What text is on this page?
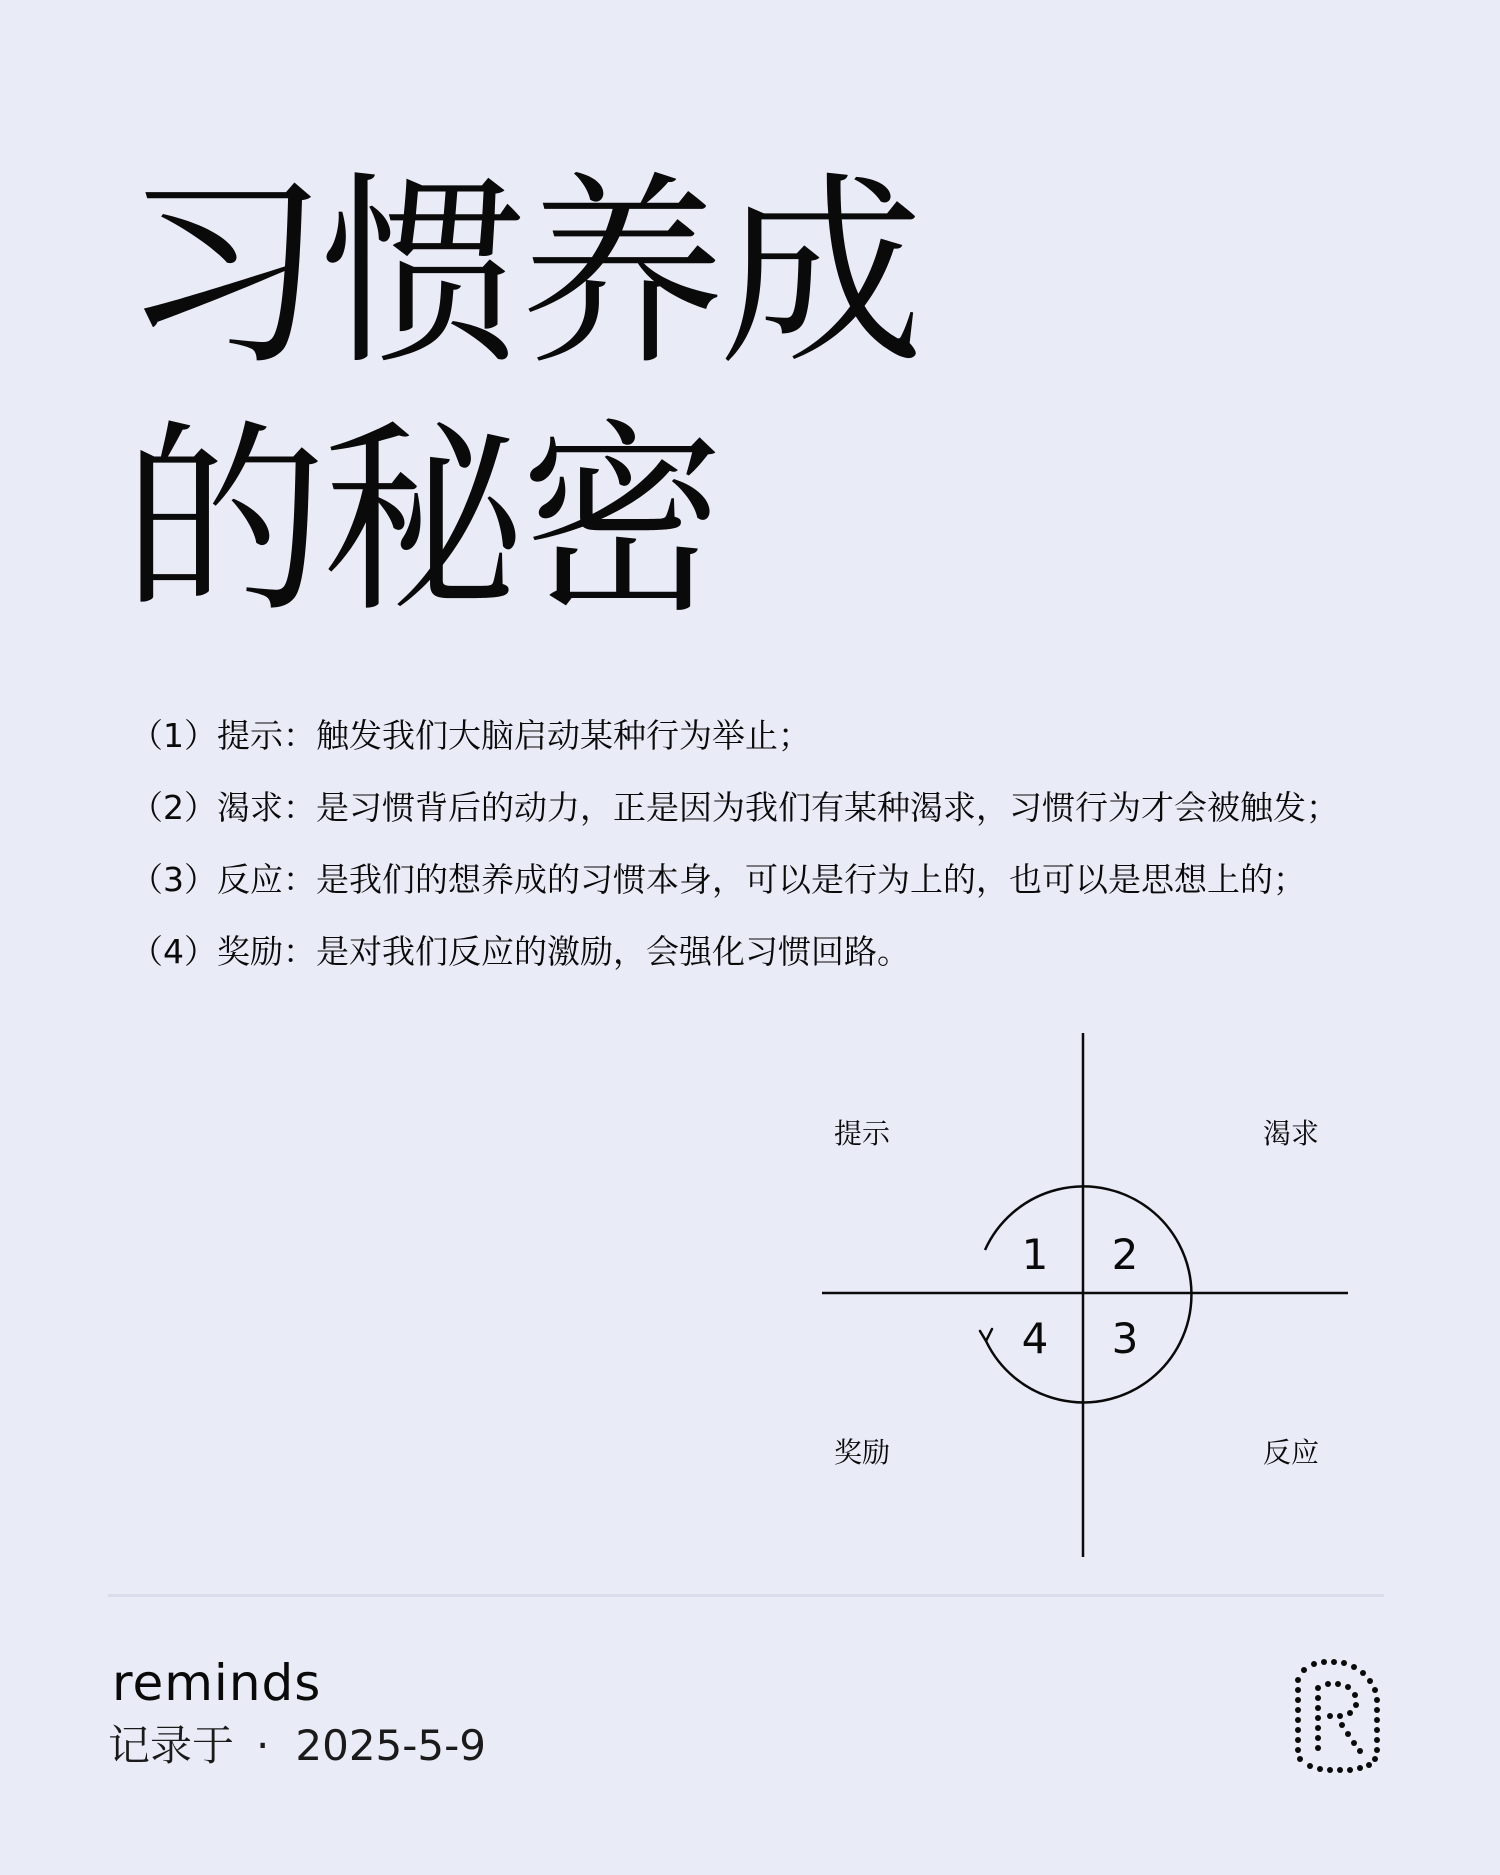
习惯养成
的秘密
（1）提示：触发我们大脑启动某种行为举止；
（2）渴求：是习惯背后的动力，正是因为我们有某种渴求，习惯行为才会被触发；
（3）反应：是我们的想养成的习惯本身，可以是行为上的，也可以是思想上的；
（4）奖励：是对我们反应的激励，会强化习惯回路。
提示	渴求
奖励	反应
1 2
3
4
reminds
记录于 · 2025-5-9
